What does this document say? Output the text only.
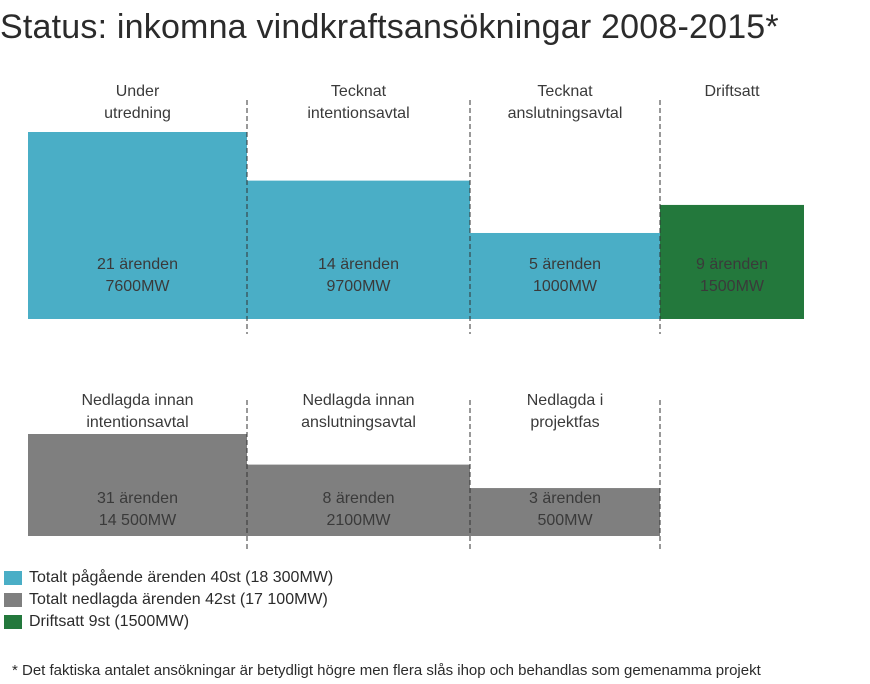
Status: inkomna vindkraftsansökningar 2008-2015*
Under
utredning
21 ärenden
7600MW
Tecknat
intentionsavtal
14 ärenden
9700MW
Tecknat
anslutningsavtal
5 ärenden
1000MW
Driftsatt
9 ärenden
1500MW
Nedlagda innan
intentionsavtal
31 ärenden
14 500MW
Nedlagda innan
anslutningsavtal
8 ärenden
2100MW
Nedlagda i
projektfas
3 ärenden
500MW
Totalt pågående ärenden 40st (18 300MW)
Totalt nedlagda ärenden 42st (17 100MW)
Driftsatt 9st (1500MW)
* Det faktiska antalet ansökningar är betydligt högre men flera slås ihop och behandlas som gemenamma projekt
